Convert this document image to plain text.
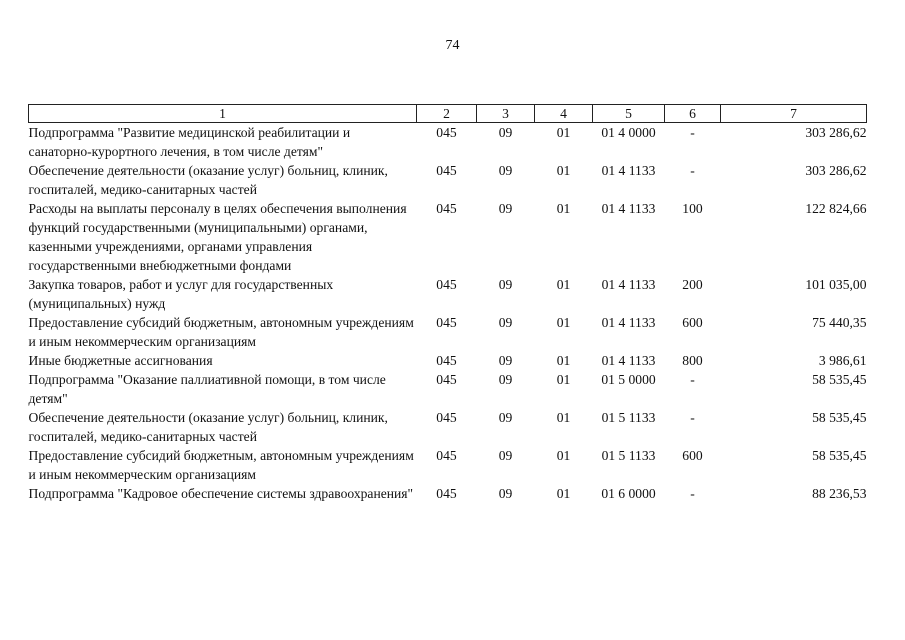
74
1	2	3	4	5	6	7
Подпрограмма "Развитие медицинской реабилитации и санаторно-курортного лечения, в том числе детям"	045	09	01	01 4 0000	-	303 286,62
Обеспечение деятельности (оказание услуг) больниц, клиник, госпиталей, медико-санитарных частей	045	09	01	01 4 1133	-	303 286,62
Расходы на выплаты персоналу в целях обеспечения выполнения функций государственными (муниципальными) органами, казенными учреждениями, органами управления государственными внебюджетными фондами	045	09	01	01 4 1133	100	122 824,66
Закупка товаров, работ и услуг для государственных (муниципальных) нужд	045	09	01	01 4 1133	200	101 035,00
Предоставление субсидий бюджетным, автономным учреждениям и иным некоммерческим организациям	045	09	01	01 4 1133	600	75 440,35
Иные бюджетные ассигнования	045	09	01	01 4 1133	800	3 986,61
Подпрограмма "Оказание паллиативной помощи, в том числе детям"	045	09	01	01 5 0000	-	58 535,45
Обеспечение деятельности (оказание услуг) больниц, клиник, госпиталей, медико-санитарных частей	045	09	01	01 5 1133	-	58 535,45
Предоставление субсидий бюджетным, автономным учреждениям и иным некоммерческим организациям	045	09	01	01 5 1133	600	58 535,45
Подпрограмма "Кадровое обеспечение системы здравоохранения"	045	09	01	01 6 0000	-	88 236,53
